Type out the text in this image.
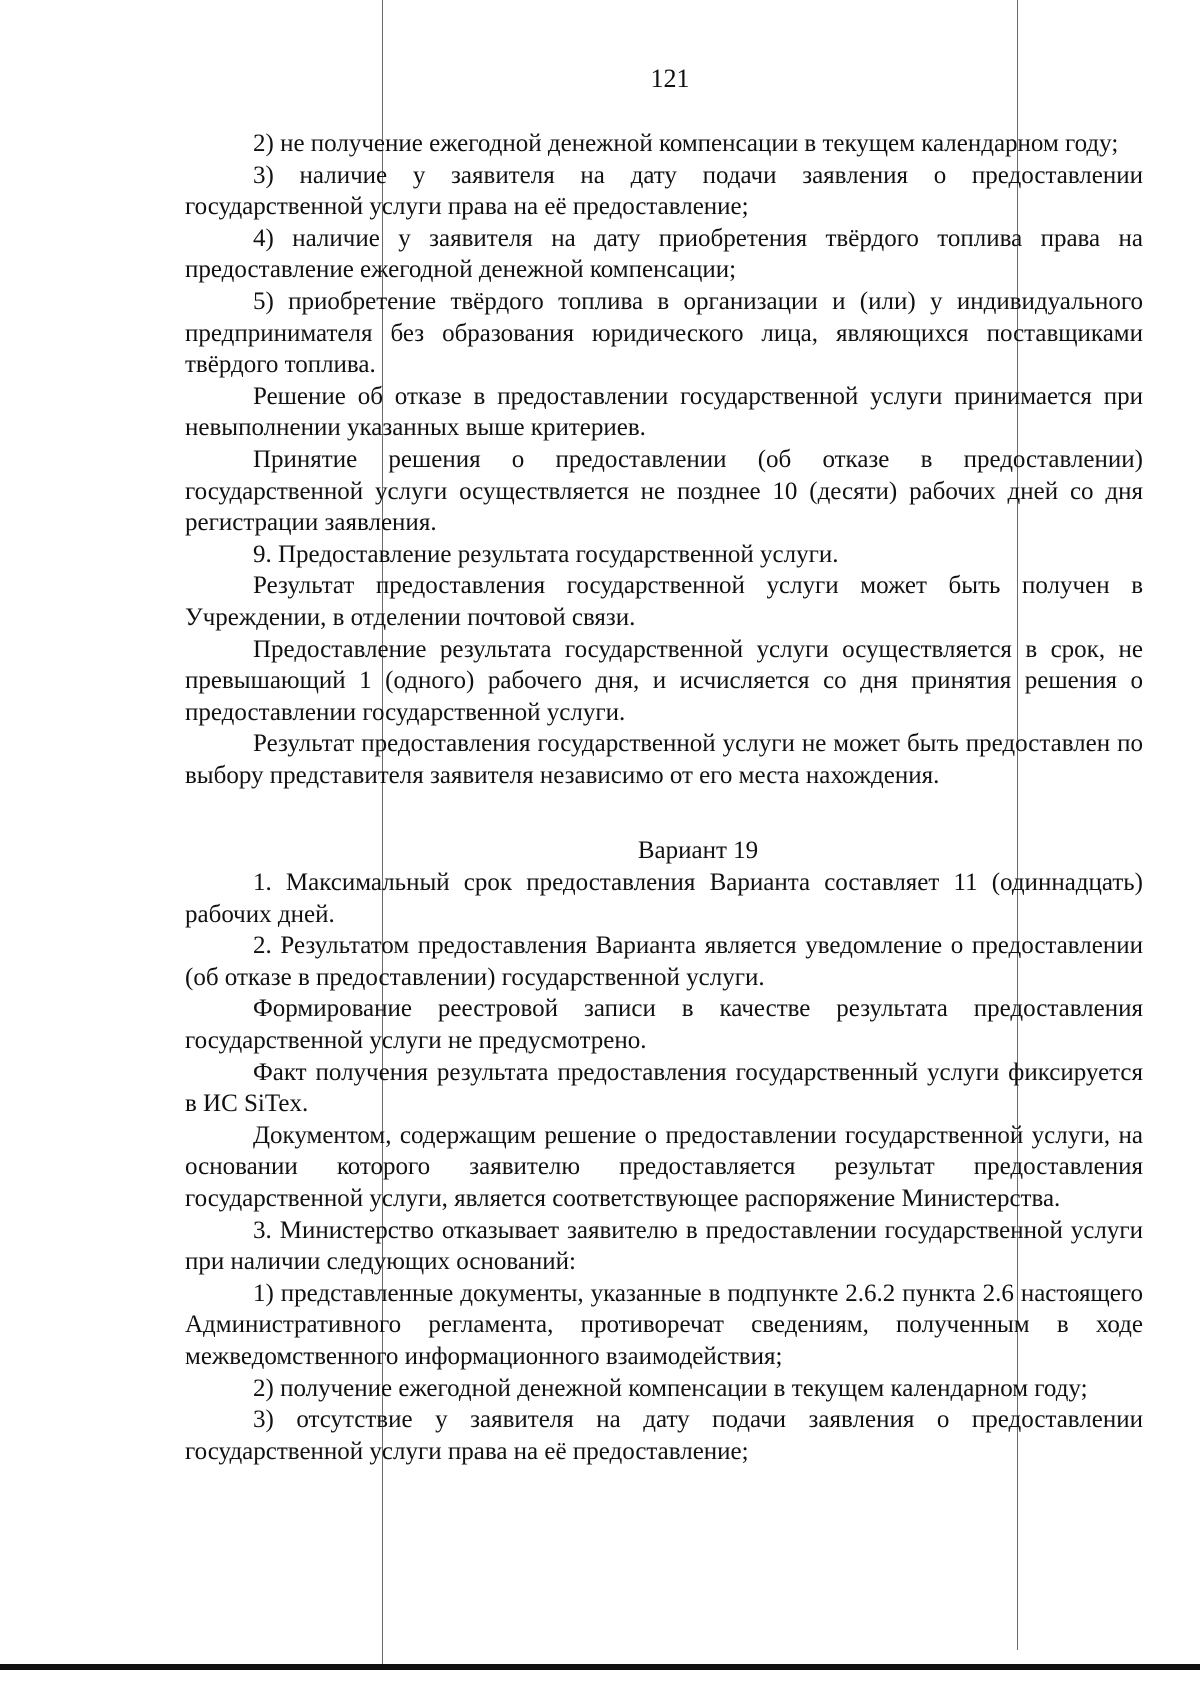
121

2) не получение ежегодной денежной компенсации в текущем календарном году;

3) наличие у заявителя на дату подачи заявления о предоставлении государственной услуги права на её предоставление;

4) наличие у заявителя на дату приобретения твёрдого топлива права на предоставление ежегодной денежной компенсации;

5) приобретение твёрдого топлива в организации и (или) у индивидуального предпринимателя без образования юридического лица, являющихся поставщиками твёрдого топлива.

Решение об отказе в предоставлении государственной услуги принимается при невыполнении указанных выше критериев.

Принятие решения о предоставлении (об отказе в предоставлении) государственной услуги осуществляется не позднее 10 (десяти) рабочих дней со дня регистрации заявления.

9. Предоставление результата государственной услуги.

Результат предоставления государственной услуги может быть получен в Учреждении, в отделении почтовой связи.

Предоставление результата государственной услуги осуществляется в срок, не превышающий 1 (одного) рабочего дня, и исчисляется со дня принятия решения о предоставлении государственной услуги.

Результат предоставления государственной услуги не может быть предоставлен по выбору представителя заявителя независимо от его места нахождения.

Вариант 19

1. Максимальный срок предоставления Варианта составляет 11 (одиннадцать) рабочих дней.

2. Результатом предоставления Варианта является уведомление о предоставлении (об отказе в предоставлении) государственной услуги.

Формирование реестровой записи в качестве результата предоставления государственной услуги не предусмотрено.

Факт получения результата предоставления государственный услуги фиксируется в ИС SiTex.

Документом, содержащим решение о предоставлении государственной услуги, на основании которого заявителю предоставляется результат предоставления государственной услуги, является соответствующее распоряжение Министерства.

3. Министерство отказывает заявителю в предоставлении государственной услуги при наличии следующих оснований:

1) представленные документы, указанные в подпункте 2.6.2 пункта 2.6 настоящего Административного регламента, противоречат сведениям, полученным в ходе межведомственного информационного взаимодействия;

2) получение ежегодной денежной компенсации в текущем календарном году;

3) отсутствие у заявителя на дату подачи заявления о предоставлении государственной услуги права на её предоставление;
